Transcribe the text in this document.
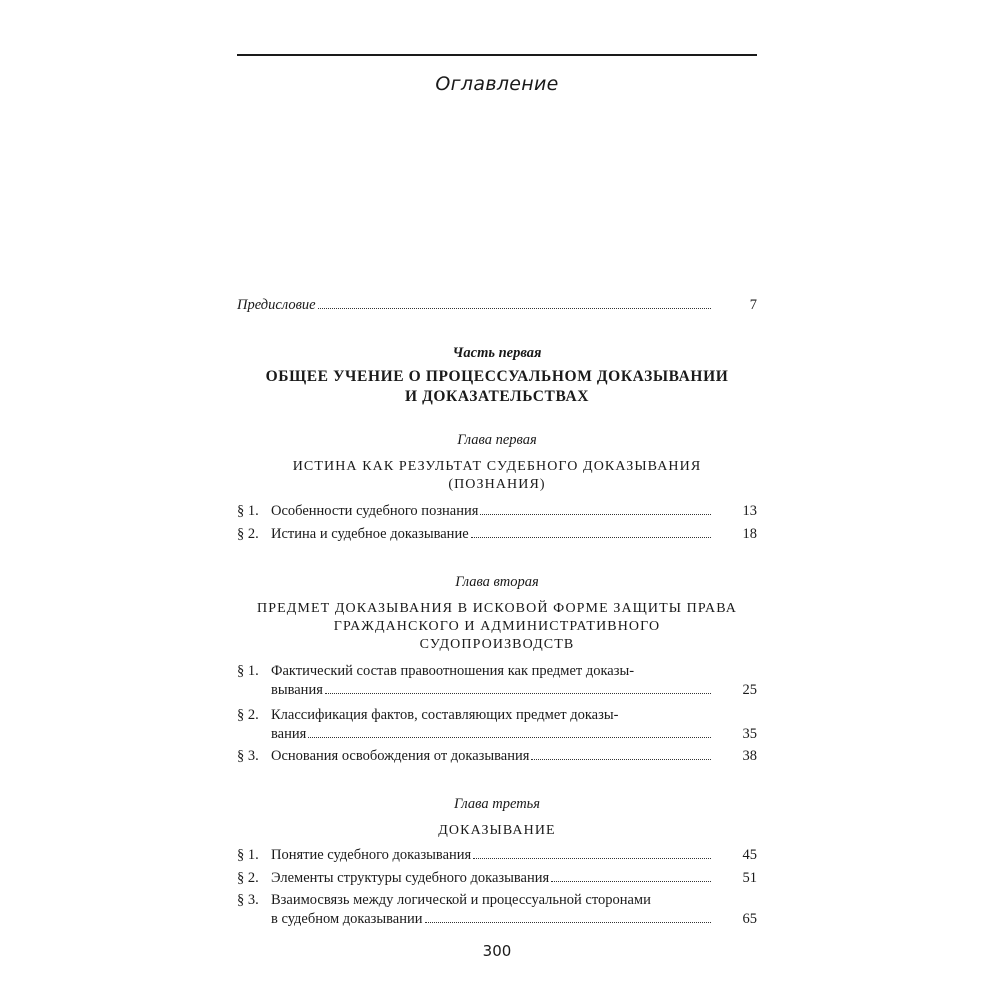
Оглавление
Предисловие	7
Часть первая
ОБЩЕЕ УЧЕНИЕ О ПРОЦЕССУАЛЬНОМ ДОКАЗЫВАНИИ
И ДОКАЗАТЕЛЬСТВАХ
Глава первая
ИСТИНА КАК РЕЗУЛЬТАТ СУДЕБНОГО ДОКАЗЫВАНИЯ
(ПОЗНАНИЯ)
§ 1. Особенности судебного познания	13
§ 2. Истина и судебное доказывание	18
Глава вторая
ПРЕДМЕТ ДОКАЗЫВАНИЯ В ИСКОВОЙ ФОРМЕ ЗАЩИТЫ ПРАВА
ГРАЖДАНСКОГО И АДМИНИСТРАТИВНОГО
СУДОПРОИЗВОДСТВ
§ 1. Фактический состав правоотношения как предмет доказы-
вывания	25
§ 2. Классификация фактов, составляющих предмет доказы-
вания	35
§ 3. Основания освобождения от доказывания	38
Глава третья
ДОКАЗЫВАНИЕ
§ 1. Понятие судебного доказывания	45
§ 2. Элементы структуры судебного доказывания	51
§ 3. Взаимосвязь между логической и процессуальной сторонами
в судебном доказывании	65
300
